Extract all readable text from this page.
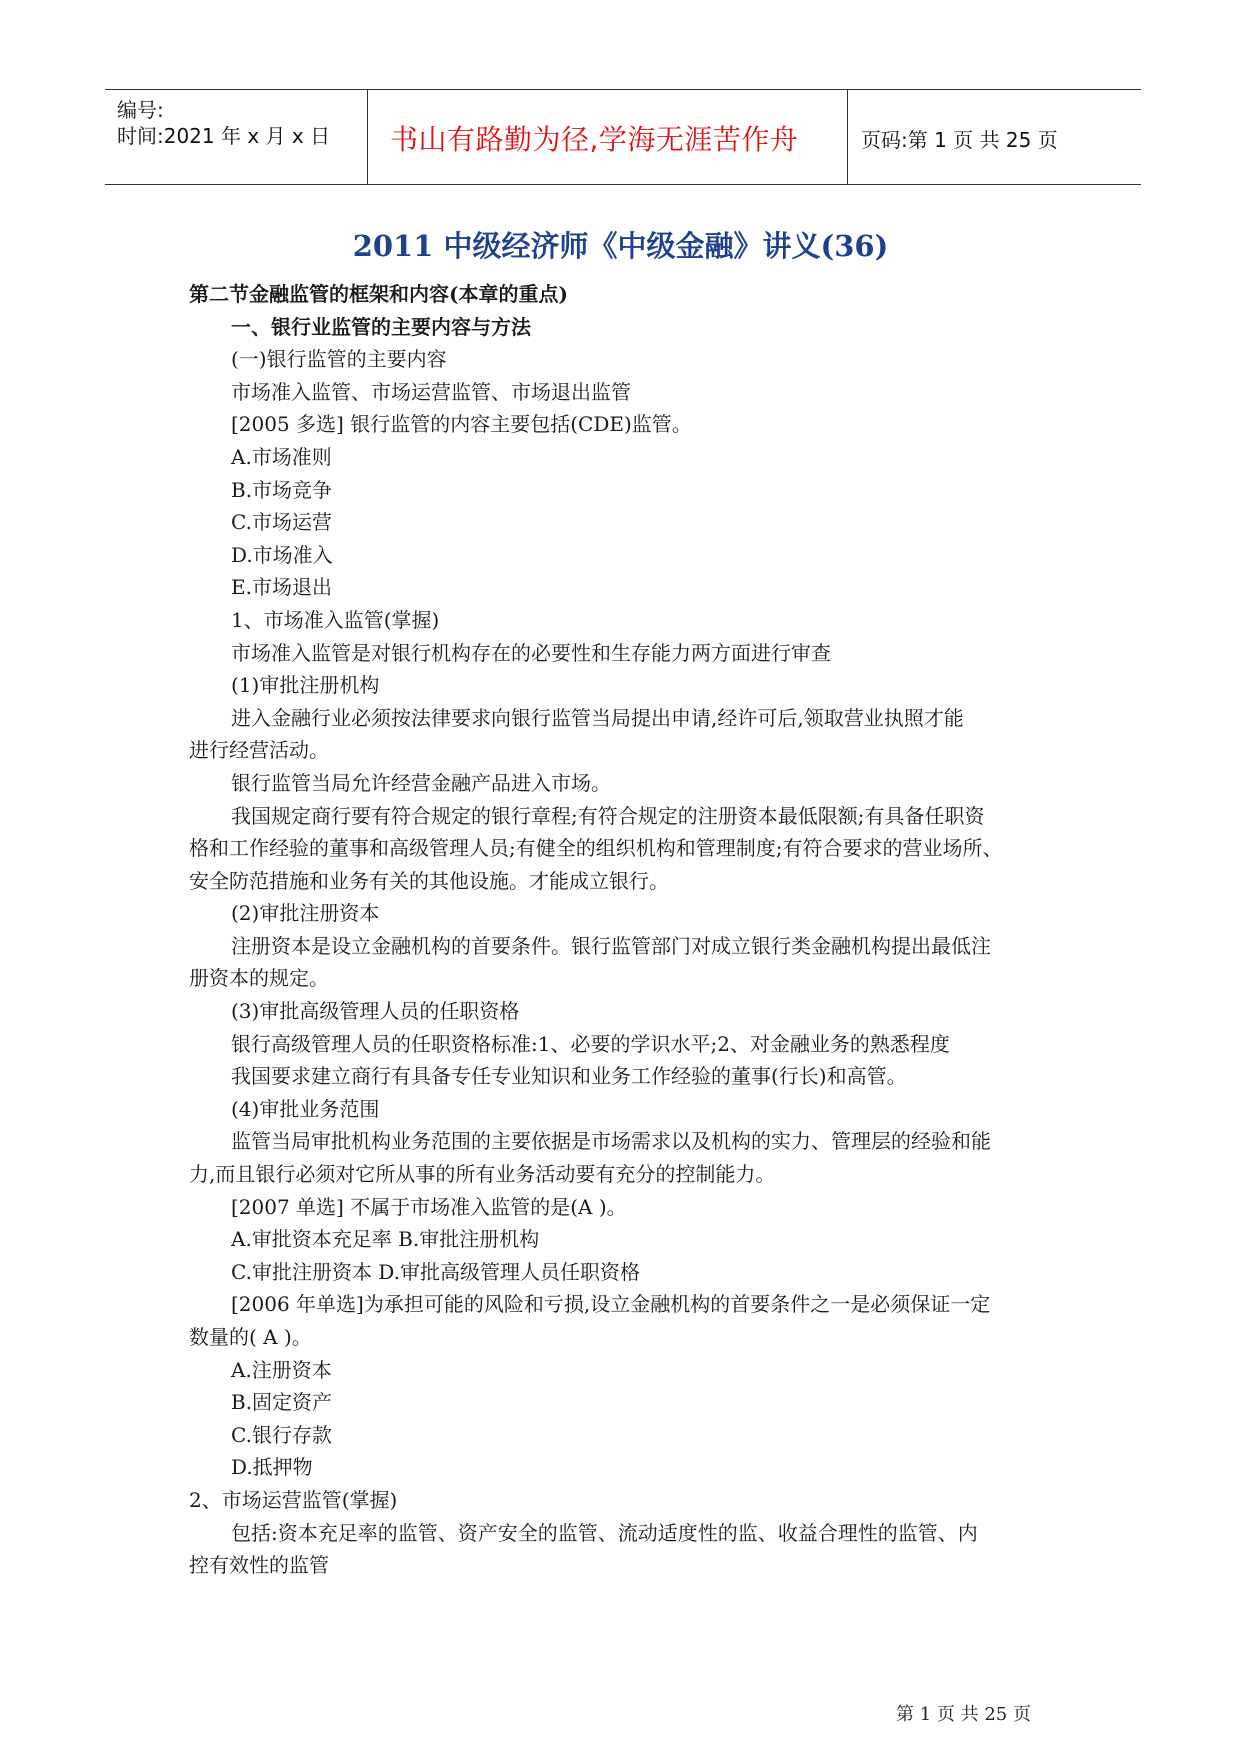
编号:
时间:2021 年 x 月 x 日 书山有路勤为径,学海无涯苦作舟	页码:第 1 页 共 25 页
2011 中级经济师《中级金融》讲义(36)
第二节金融监管的框架和内容(本章的重点)
一、银行业监管的主要内容与方法
(一)银行监管的主要内容
市场准入监管、市场运营监管、市场退出监管
[2005 多选] 银行监管的内容主要包括(CDE)监管。
A.市场准则
B.市场竞争
C.市场运营
D.市场准入
E.市场退出
1、市场准入监管(掌握)
市场准入监管是对银行机构存在的必要性和生存能力两方面进行审查
(1)审批注册机构
进入金融行业必须按法律要求向银行监管当局提出申请,经许可后,领取营业执照才能
进行经营活动。
银行监管当局允许经营金融产品进入市场。
我国规定商行要有符合规定的银行章程;有符合规定的注册资本最低限额;有具备任职资
格和工作经验的董事和高级管理人员;有健全的组织机构和管理制度;有符合要求的营业场所、
安全防范措施和业务有关的其他设施。才能成立银行。
(2)审批注册资本
注册资本是设立金融机构的首要条件。银行监管部门对成立银行类金融机构提出最低注
册资本的规定。
(3)审批高级管理人员的任职资格
银行高级管理人员的任职资格标准:1、必要的学识水平;2、对金融业务的熟悉程度
我国要求建立商行有具备专任专业知识和业务工作经验的董事(行长)和高管。
(4)审批业务范围
监管当局审批机构业务范围的主要依据是市场需求以及机构的实力、管理层的经验和能
力,而且银行必须对它所从事的所有业务活动要有充分的控制能力。
[2007 单选] 不属于市场准入监管的是(A )。
A.审批资本充足率 B.审批注册机构
C.审批注册资本 D.审批高级管理人员任职资格
[2006 年单选]为承担可能的风险和亏损,设立金融机构的首要条件之一是必须保证一定
数量的( A )。
A.注册资本
B.固定资产
C.银行存款
D.抵押物
2、市场运营监管(掌握)
包括:资本充足率的监管、资产安全的监管、流动适度性的监、收益合理性的监管、内
控有效性的监管
第 1 页 共 25 页
